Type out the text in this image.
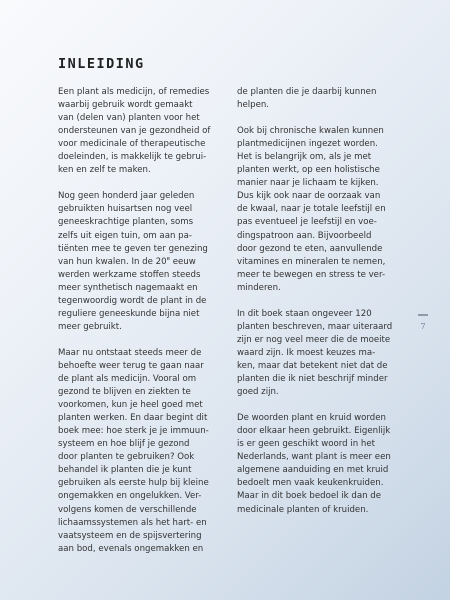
INLEIDING

Een plant als medicijn, of remedies
waarbij gebruik wordt gemaakt
van (delen van) planten voor het
ondersteunen van je gezondheid of
voor medicinale of therapeutische
doeleinden, is makkelijk te gebrui-
ken en zelf te maken.

Nog geen honderd jaar geleden
gebruikten huisartsen nog veel
geneeskrachtige planten, soms
zelfs uit eigen tuin, om aan pa-
tiënten mee te geven ter genezing
van hun kwalen. In de 20e eeuw
werden werkzame stoffen steeds
meer synthetisch nagemaakt en
tegenwoordig wordt de plant in de
reguliere geneeskunde bijna niet
meer gebruikt.

Maar nu ontstaat steeds meer de
behoefte weer terug te gaan naar
de plant als medicijn. Vooral om
gezond te blijven en ziekten te
voorkomen, kun je heel goed met
planten werken. En daar begint dit
boek mee: hoe sterk je je immuun-
systeem en hoe blijf je gezond
door planten te gebruiken? Ook
behandel ik planten die je kunt
gebruiken als eerste hulp bij kleine
ongemakken en ongelukken. Ver-
volgens komen de verschillende
lichaamssystemen als het hart- en
vaatsysteem en de spijsvertering
aan bod, evenals ongemakken en

de planten die je daarbij kunnen
helpen.

Ook bij chronische kwalen kunnen
plantmedicijnen ingezet worden.
Het is belangrijk om, als je met
planten werkt, op een holistische
manier naar je lichaam te kijken.
Dus kijk ook naar de oorzaak van
de kwaal, naar je totale leefstijl en
pas eventueel je leefstijl en voe-
dingspatroon aan. Bijvoorbeeld
door gezond te eten, aanvullende
vitamines en mineralen te nemen,
meer te bewegen en stress te ver-
minderen.

In dit boek staan ongeveer 120
planten beschreven, maar uiteraard
zijn er nog veel meer die de moeite
waard zijn. Ik moest keuzes ma-
ken, maar dat betekent niet dat de
planten die ik niet beschrijf minder
goed zijn.

De woorden plant en kruid worden
door elkaar heen gebruikt. Eigenlijk
is er geen geschikt woord in het
Nederlands, want plant is meer een
algemene aanduiding en met kruid
bedoelt men vaak keukenkruiden.
Maar in dit boek bedoel ik dan de
medicinale planten of kruiden.

7
